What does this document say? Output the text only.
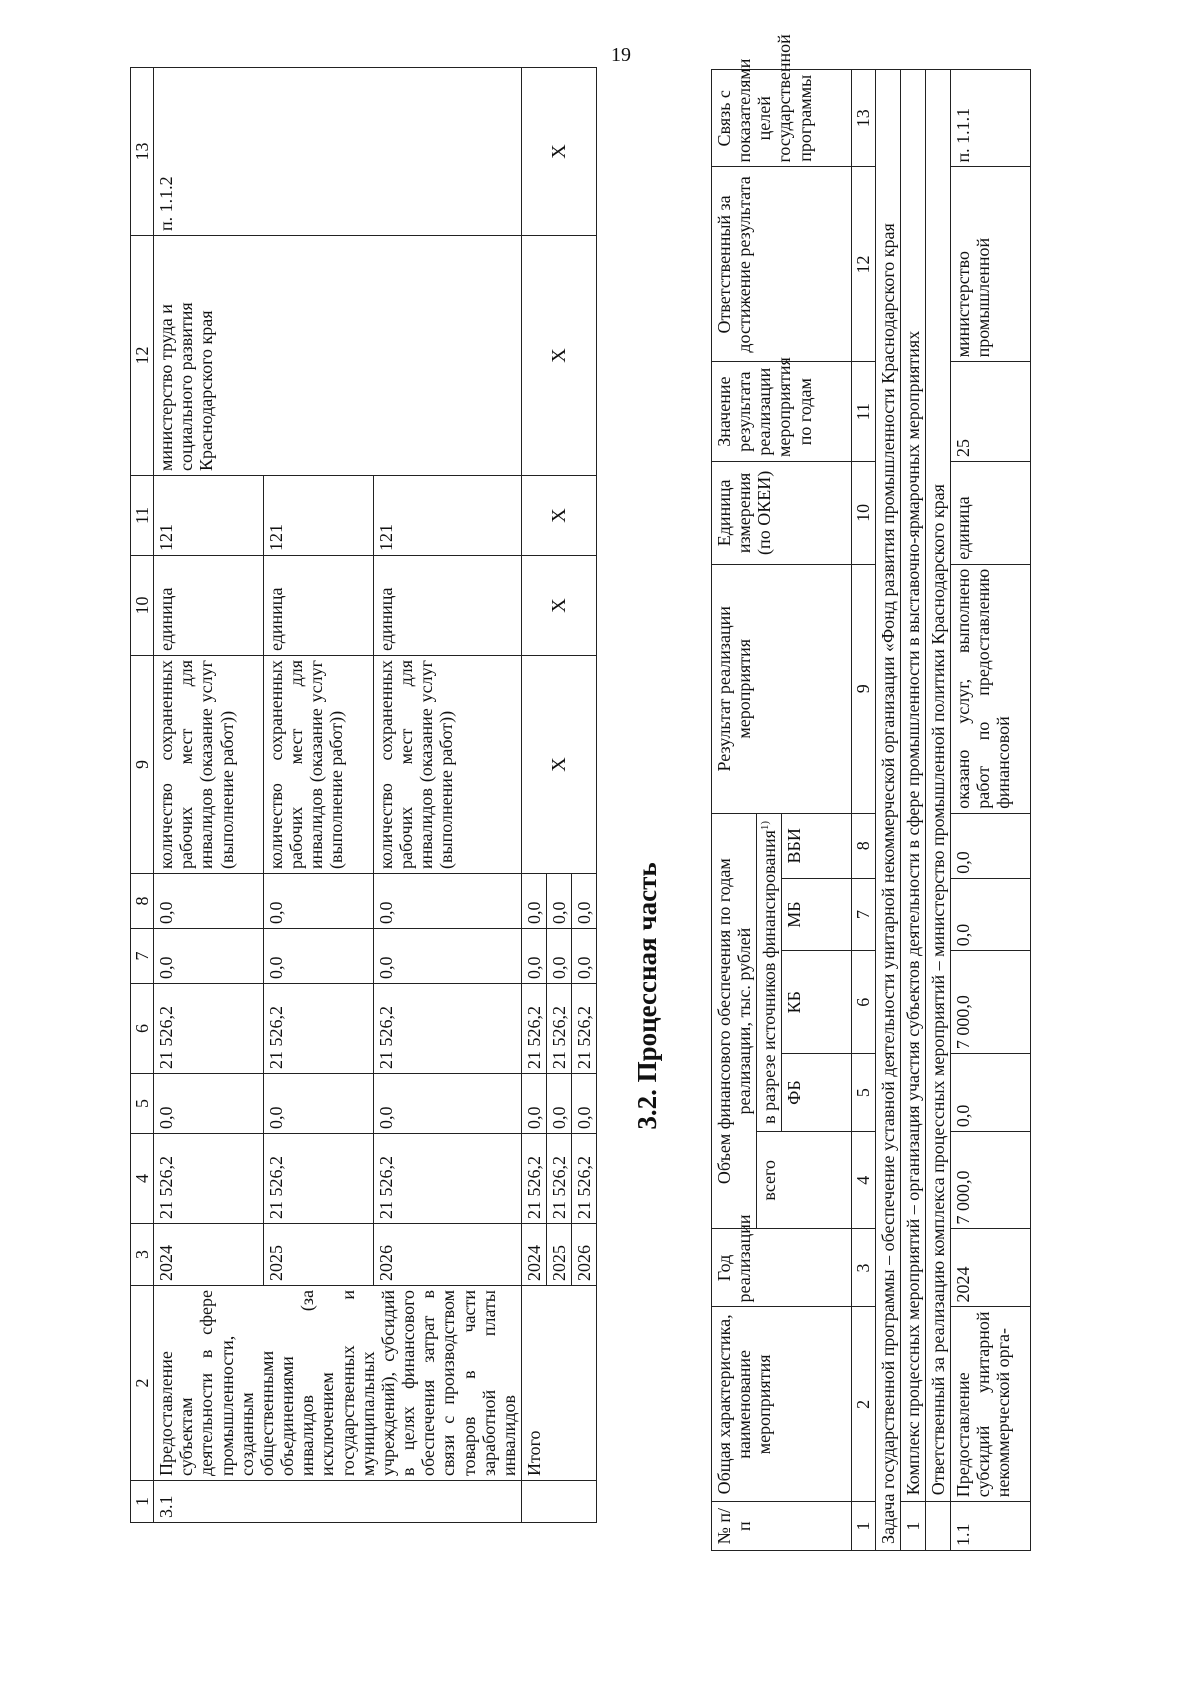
19
1	2	3	4	5	6	7	8	9	10	11	12	13
3.1	Предоставление субъектам деятельности в сфере промышленности, созданным общественными объединениями инвалидов (за исключением государственных и муниципальных учреждений), субсидий в целях финансового обеспечения затрат в связи с производством товаров в части заработной платы инвалидов	2024	21 526,2	0,0	21 526,2	0,0	0,0	количество сохраненных рабочих мест для инвалидов (оказание услуг (выполнение работ))	единица	121	министерство труда и социального развития Краснодарского края	п. 1.1.2
		2025	21 526,2	0,0	21 526,2	0,0	0,0	количество сохраненных рабочих мест для инвалидов (оказание услуг (выполнение работ))	единица	121		
		2026	21 526,2	0,0	21 526,2	0,0	0,0	количество сохраненных рабочих мест для инвалидов (оказание услуг (выполнение работ))	единица	121		
	Итого	2024	21 526,2	0,0	21 526,2	0,0	0,0	Х	Х	Х	Х	Х
		2025	21 526,2	0,0	21 526,2	0,0	0,0					
		2026	21 526,2	0,0	21 526,2	0,0	0,0					3.2. Процессная часть
№ п/п	Общая характеристика, наименование мероприятия	Год реализации	Объем финансового обеспечения по годам реализации, тыс. рублей					Результат реализации мероприятия	Единица измерения (по ОКЕИ)	Значение результата реализации мероприятия по годам	Ответственный за достижение результата	Связь с показателями целей государственной программы
			всего	в разрезе источников финансирования$^{1)}$
				ФБ	КБ	МБ	ВБИ					
1	2	3	4	5	6	7	8	9	10	11	12	13
Задача государственной программы – обеспечение уставной деятельности унитарной некоммерческой организации «Фонд развития промышленности Краснодарского края												
1	Комплекс процессных мероприятий – организация участия субъектов деятельности в сфере промышленности в выставочно-ярмарочных мероприятиях											
	Ответственный за реализацию комплекса процессных мероприятий – министерство промышленной политики Краснодарского края											
1.1	Предоставление субсидий унитарной некоммерческой орга-	2024	7 000,0	0,0	7 000,0	0,0	0,0	оказано услуг, выполнено работ по предоставлению финансовой	единица	25	министерство промышленной	п. 1.1.1
